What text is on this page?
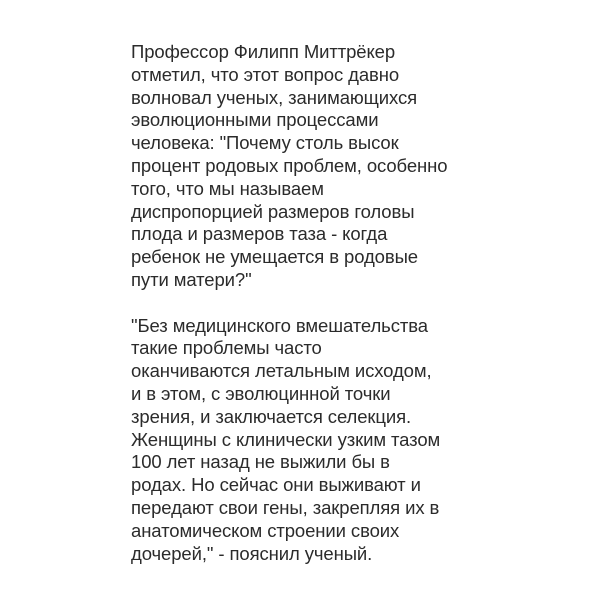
Профессор Филипп Миттрёкер
отметил, что этот вопрос давно
волновал ученых, занимающихся
эволюционными процессами
человека: "Почему столь высок
процент родовых проблем, особенно
того, что мы называем
диспропорцией размеров головы
плода и размеров таза - когда
ребенок не умещается в родовые
пути матери?"
"Без медицинского вмешательства
такие проблемы часто
оканчиваются летальным исходом,
и в этом, с эволюцинной точки
зрения, и заключается селекция.
Женщины с клинически узким тазом
100 лет назад не выжили бы в
родах. Но сейчас они выживают и
передают свои гены, закрепляя их в
анатомическом строении своих
дочерей," - пояснил ученый.
